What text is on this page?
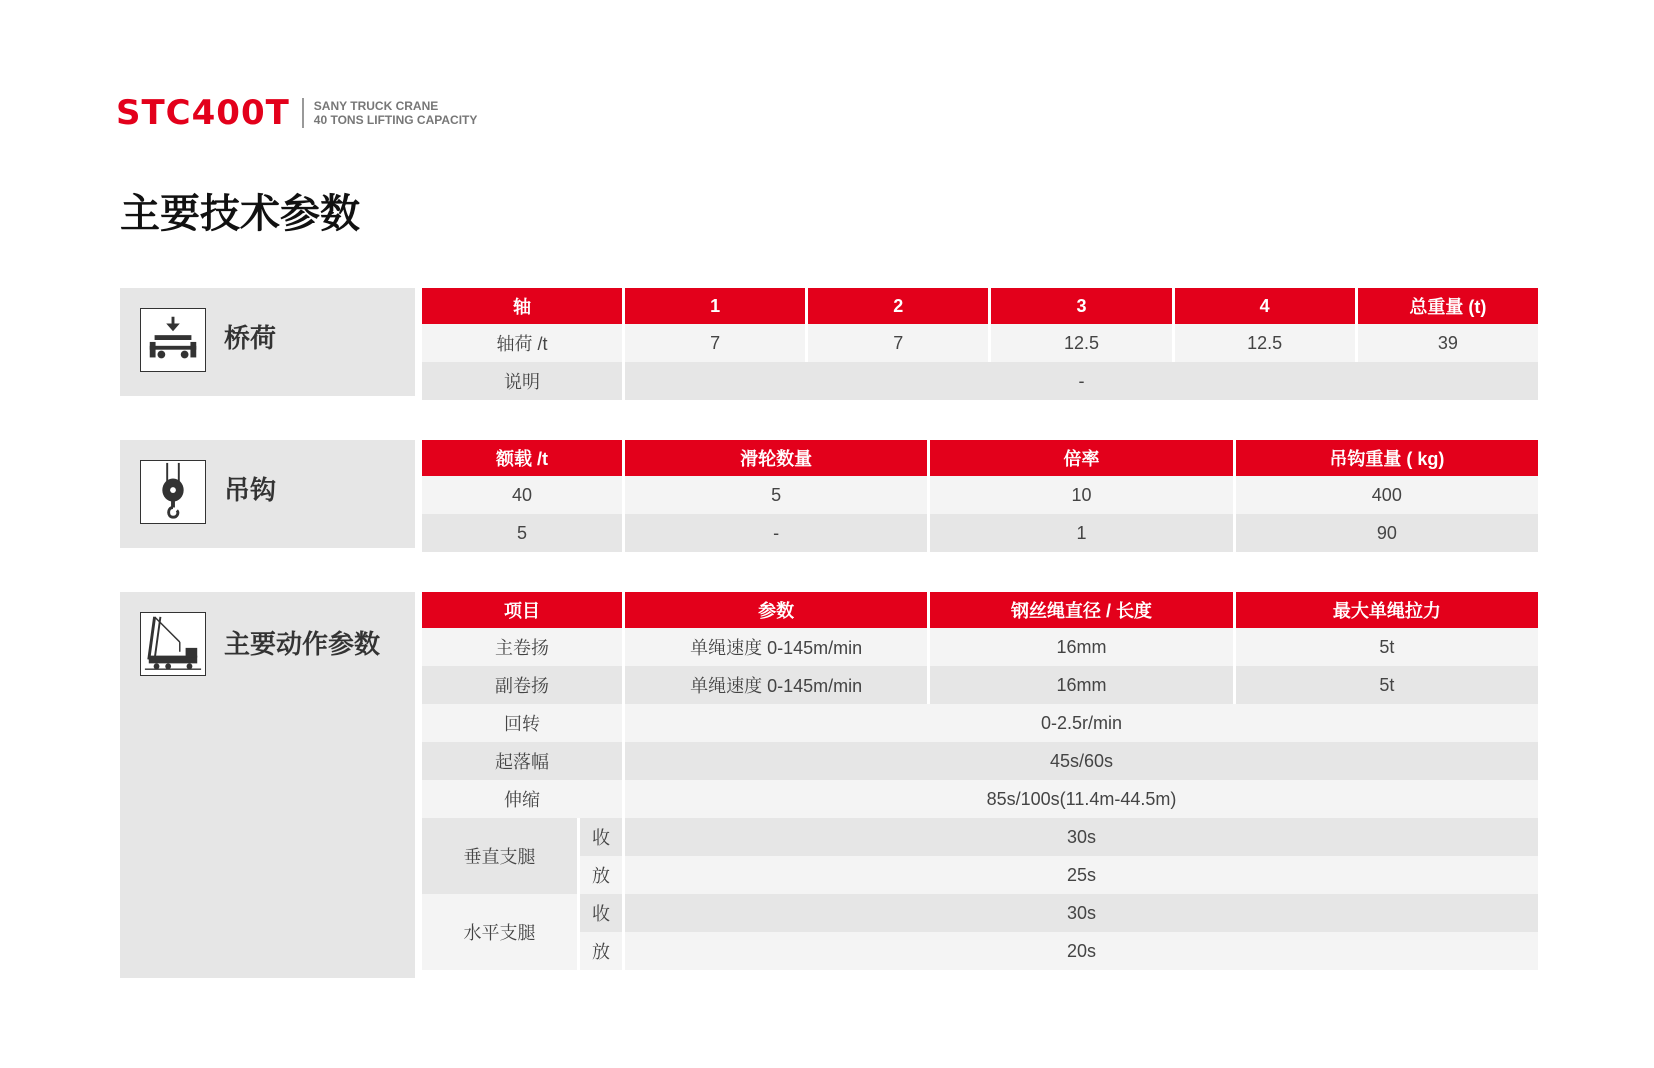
STC400T SANY TRUCK CRANE
40 TONS LIFTING CAPACITY
主要技术参数
桥荷
轴	1	2	3	4	总重量 (t)
轴荷 /t	7	7	12.5	12.5	39
说明	-				
吊钩
额载 /t	滑轮数量	倍率	吊钩重量 ( kg)
40	5	10	400
5	-	1	90
主要动作参数
项目		参数	钢丝绳直径 / 长度	最大单绳拉力
主卷扬		单绳速度 0-145m/min	16mm	5t
副卷扬		单绳速度 0-145m/min	16mm	5t
回转		0-2.5r/min		
起落幅		45s/60s		
伸缩		85s/100s(11.4m-44.5m)		
垂直支腿	收	30s		
	放	25s		
水平支腿	收	30s		
	放	20s		
